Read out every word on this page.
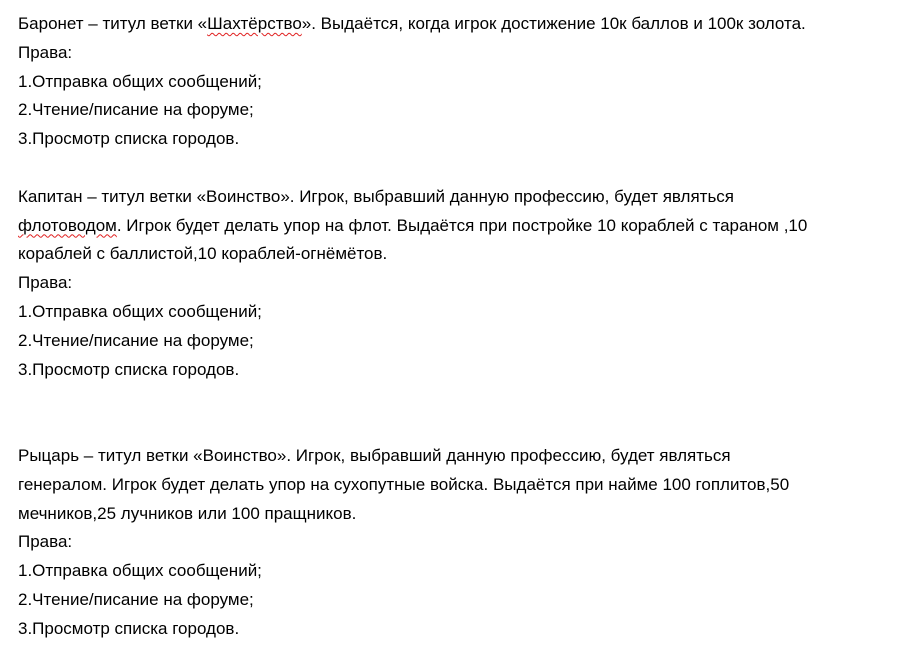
Баронет – титул ветки «Шахтёрство». Выдаётся, когда игрок достижение 10к баллов и 100к золота.
Права:
1.Отправка общих сообщений;
2.Чтение/писание на форуме;
3.Просмотр списка городов.
Капитан – титул ветки «Воинство». Игрок, выбравший данную профессию, будет являться
флотоводом. Игрок будет делать упор на флот. Выдаётся при постройке 10 кораблей с тараном ,10
кораблей с баллистой,10 кораблей-огнёмётов.
Права:
1.Отправка общих сообщений;
2.Чтение/писание на форуме;
3.Просмотр списка городов.
Рыцарь – титул ветки «Воинство». Игрок, выбравший данную профессию, будет являться
генералом. Игрок будет делать упор на сухопутные войска. Выдаётся при найме 100 гоплитов,50
мечников,25 лучников или 100 пращников.
Права:
1.Отправка общих сообщений;
2.Чтение/писание на форуме;
3.Просмотр списка городов.
